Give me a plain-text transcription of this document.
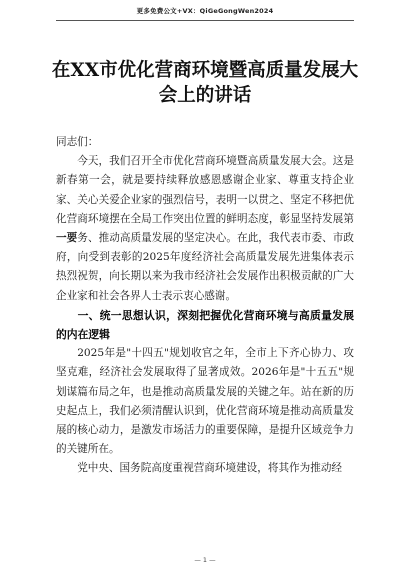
更多免费公文+VX：QiGeGongWen2024
在XX市优化营商环境暨高质量发展大会上的讲话

同志们：

今天，我们召开全市优化营商环境暨高质量发展大会。这是新春第一会，就是要持续释放感恩感谢企业家、尊重支持企业家、关心关爱企业家的强烈信号，表明一以贯之、坚定不移把优化营商环境摆在全局工作突出位置的鲜明态度，彰显坚持发展第一要务、推动高质量发展的坚定决心。在此，我代表市委、市政府，向受到表彰的2025年度经济社会高质量发展先进集体表示热烈祝贺，向长期以来为我市经济社会发展作出积极贡献的广大企业家和社会各界人士表示衷心感谢。

一、统一思想认识，深刻把握优化营商环境与高质量发展的内在逻辑

2025年是"十四五"规划收官之年，全市上下齐心协力、攻坚克难，经济社会发展取得了显著成效。2026年是"十五五"规划谋篇布局之年，也是推动高质量发展的关键之年。站在新的历史起点上，我们必须清醒认识到，优化营商环境是推动高质量发展的核心动力，是激发市场活力的重要保障，是提升区域竞争力的关键所在。

党中央、国务院高度重视营商环境建设，将其作为推动经

— 1 —
